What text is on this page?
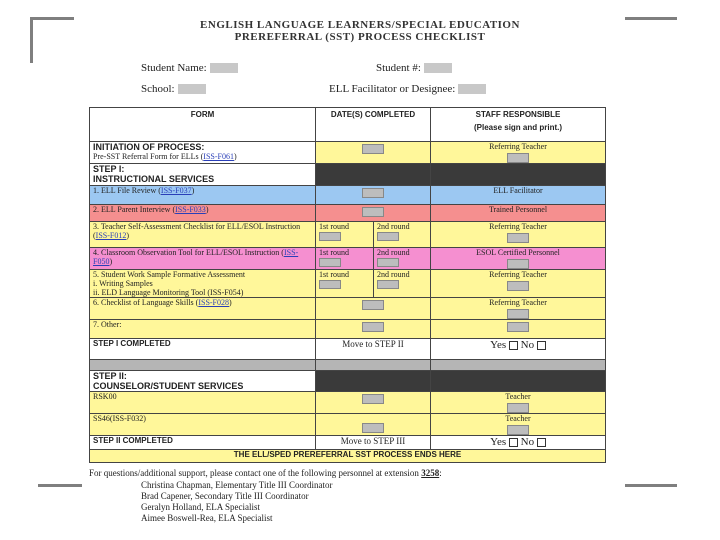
ENGLISH LANGUAGE LEARNERS/SPECIAL EDUCATION
PREREFERRAL (SST) PROCESS CHECKLIST
Student Name:	Student #:
School:	ELL Facilitator or Designee:
FORM	DATE(S) COMPLETED		STAFF RESPONSIBLE
(Please sign and print.)

INITIATION OF PROCESS:
Pre-SST Referral Form for ELLs (ISS-F061)			Referring Teacher

STEP I:
INSTRUCTIONAL SERVICES			

1. ELL File Review (ISS-F037)			ELL Facilitator
2. ELL Parent Interview (ISS-F033)			Trained Personnel
3. Teacher Self-Assessment Checklist for ELL/ESOL Instruction (ISS-F012)	1st round	2nd round	Referring Teacher

4. Classroom Observation Tool for ELL/ESOL Instruction (ISS-F050)	1st round	2nd round	ESOL Certified Personnel

5. Student Work Sample Formative Assessment
i. Writing Samples
ii. ELD Language Monitoring Tool (ISS-F054)	1st round	2nd round	Referring Teacher

6. Checklist of Language Skills (ISS-F028)			Referring Teacher

7. Other:		

STEP I COMPLETED	Move to STEP II		Yes No

STEP II:
COUNSELOR/STUDENT SERVICES			

RSK00			Teacher

SS46(ISS-F032)			Teacher

STEP II COMPLETED	Move to STEP III		Yes No
THE ELL/SPED PREREFERRAL SST PROCESS ENDS HERE			
For questions/additional support, please contact one of the following personnel at extension 3258:
Christina Chapman, Elementary Title III Coordinator
Brad Capener, Secondary Title III Coordinator
Geralyn Holland, ELA Specialist
Aimee Boswell-Rea, ELA Specialist
